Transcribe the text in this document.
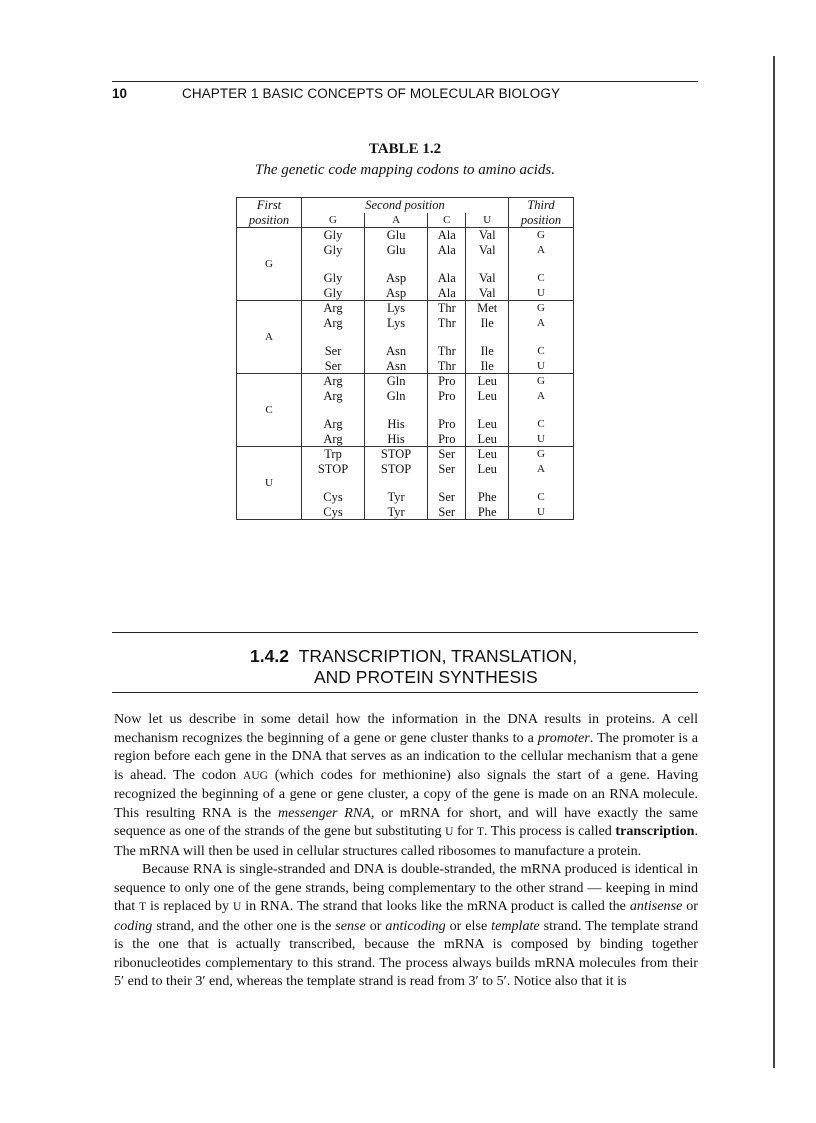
10	CHAPTER 1 BASIC CONCEPTS OF MOLECULAR BIOLOGY
TABLE 1.2
The genetic code mapping codons to amino acids.
First	Second position				Third
position	G	A	C	U	position
G	Gly	Glu	Ala	Val	G
	Gly	Glu	Ala	Val	A

	Gly	Asp	Ala	Val	C
	Gly	Asp	Ala	Val	U
A	Arg	Lys	Thr	Met	G
	Arg	Lys	Thr	Ile	A

	Ser	Asn	Thr	Ile	C
	Ser	Asn	Thr	Ile	U
C	Arg	Gln	Pro	Leu	G
	Arg	Gln	Pro	Leu	A

	Arg	His	Pro	Leu	C
	Arg	His	Pro	Leu	U
U	Trp	STOP	Ser	Leu	G
	STOP	STOP	Ser	Leu	A

	Cys	Tyr	Ser	Phe	C
	Cys	Tyr	Ser	Phe	U
1.4.2 TRANSCRIPTION, TRANSLATION,
AND PROTEIN SYNTHESIS

Now let us describe in some detail how the information in the DNA results in proteins. A cell mechanism recognizes the beginning of a gene or gene cluster thanks to a promoter. The promoter is a region before each gene in the DNA that serves as an indication to the cellular mechanism that a gene is ahead. The codon AUG (which codes for methionine) also signals the start of a gene. Having recognized the beginning of a gene or gene cluster, a copy of the gene is made on an RNA molecule. This resulting RNA is the messenger RNA, or mRNA for short, and will have exactly the same sequence as one of the strands of the gene but substituting U for T. This process is called transcription. The mRNA will then be used in cellular structures called ribosomes to manufacture a protein.

Because RNA is single-stranded and DNA is double-stranded, the mRNA produced is identical in sequence to only one of the gene strands, being complementary to the other strand — keeping in mind that T is replaced by U in RNA. The strand that looks like the mRNA product is called the antisense or coding strand, and the other one is the sense or anticoding or else template strand. The template strand is the one that is actually transcribed, because the mRNA is composed by binding together ribonucleotides complementary to this strand. The process always builds mRNA molecules from their 5′ end to their 3′ end, whereas the template strand is read from 3′ to 5′. Notice also that it is
